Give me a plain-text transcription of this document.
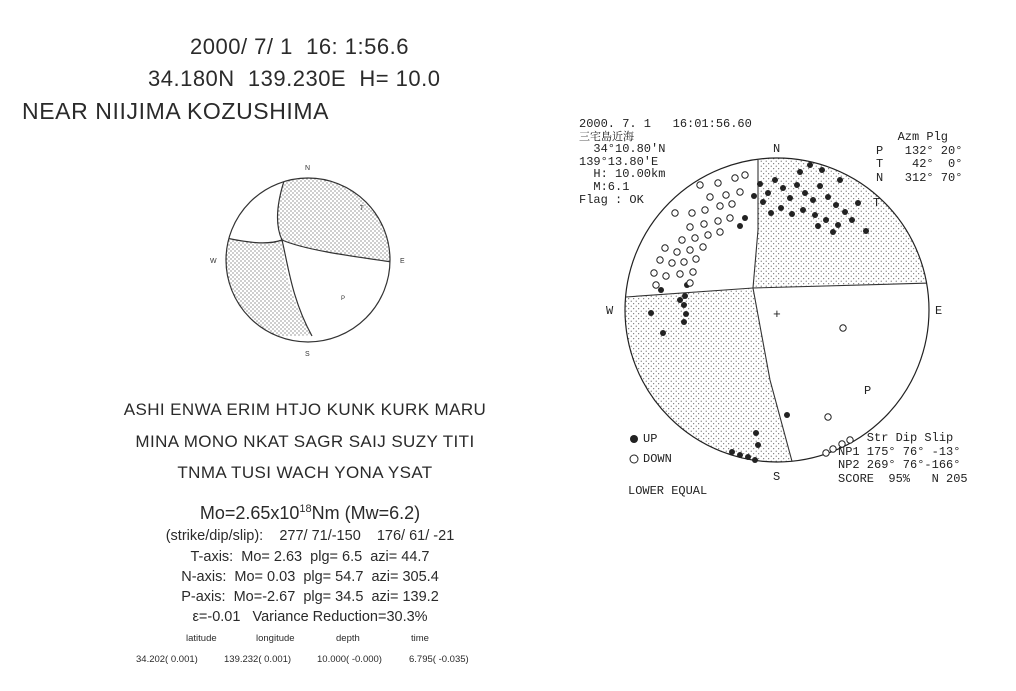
N
S
E
W
T
P
N
S
E
W
T
P
+
2000/ 7/ 1  16: 1:56.6
34.180N  139.230E  H= 10.0
NEAR NIIJIMA KOZUSHIMA
ASHI ENWA ERIM HTJO KUNK KURK MARU
MINA MONO NKAT SAGR SAIJ SUZY TITI
TNMA TUSI WACH YONA YSAT
$Mo=2.65x10^{18}Nm$ (Mw=6.2)
(strike/dip/slip):    277/ 71/-150    176/ 61/ -21
T-axis:  Mo= 2.63  plg= 6.5  azi= 44.7
N-axis:  Mo= 0.03  plg= 54.7  azi= 305.4
P-axis:  Mo=-2.67  plg= 34.5  azi= 139.2
ε=-0.01   Variance Reduction=30.3%
latitude	longitude	depth	time
34.202( 0.001)	139.232( 0.001)	10.000( -0.000)	6.795( -0.035)
2000. 7. 1   16:01:56.60
三宅島近海
34°10.80′N
139°13.80′E
H: 10.00km
M:6.1
Flag : OK
Azm Plg
P   132° 20°
T    42°  0°
N   312° 70°
UP
DOWN
LOWER EQUAL
Str Dip Slip
NP1 175° 76° -13°
NP2 269° 76°-166°
SCORE  95%   N 205
